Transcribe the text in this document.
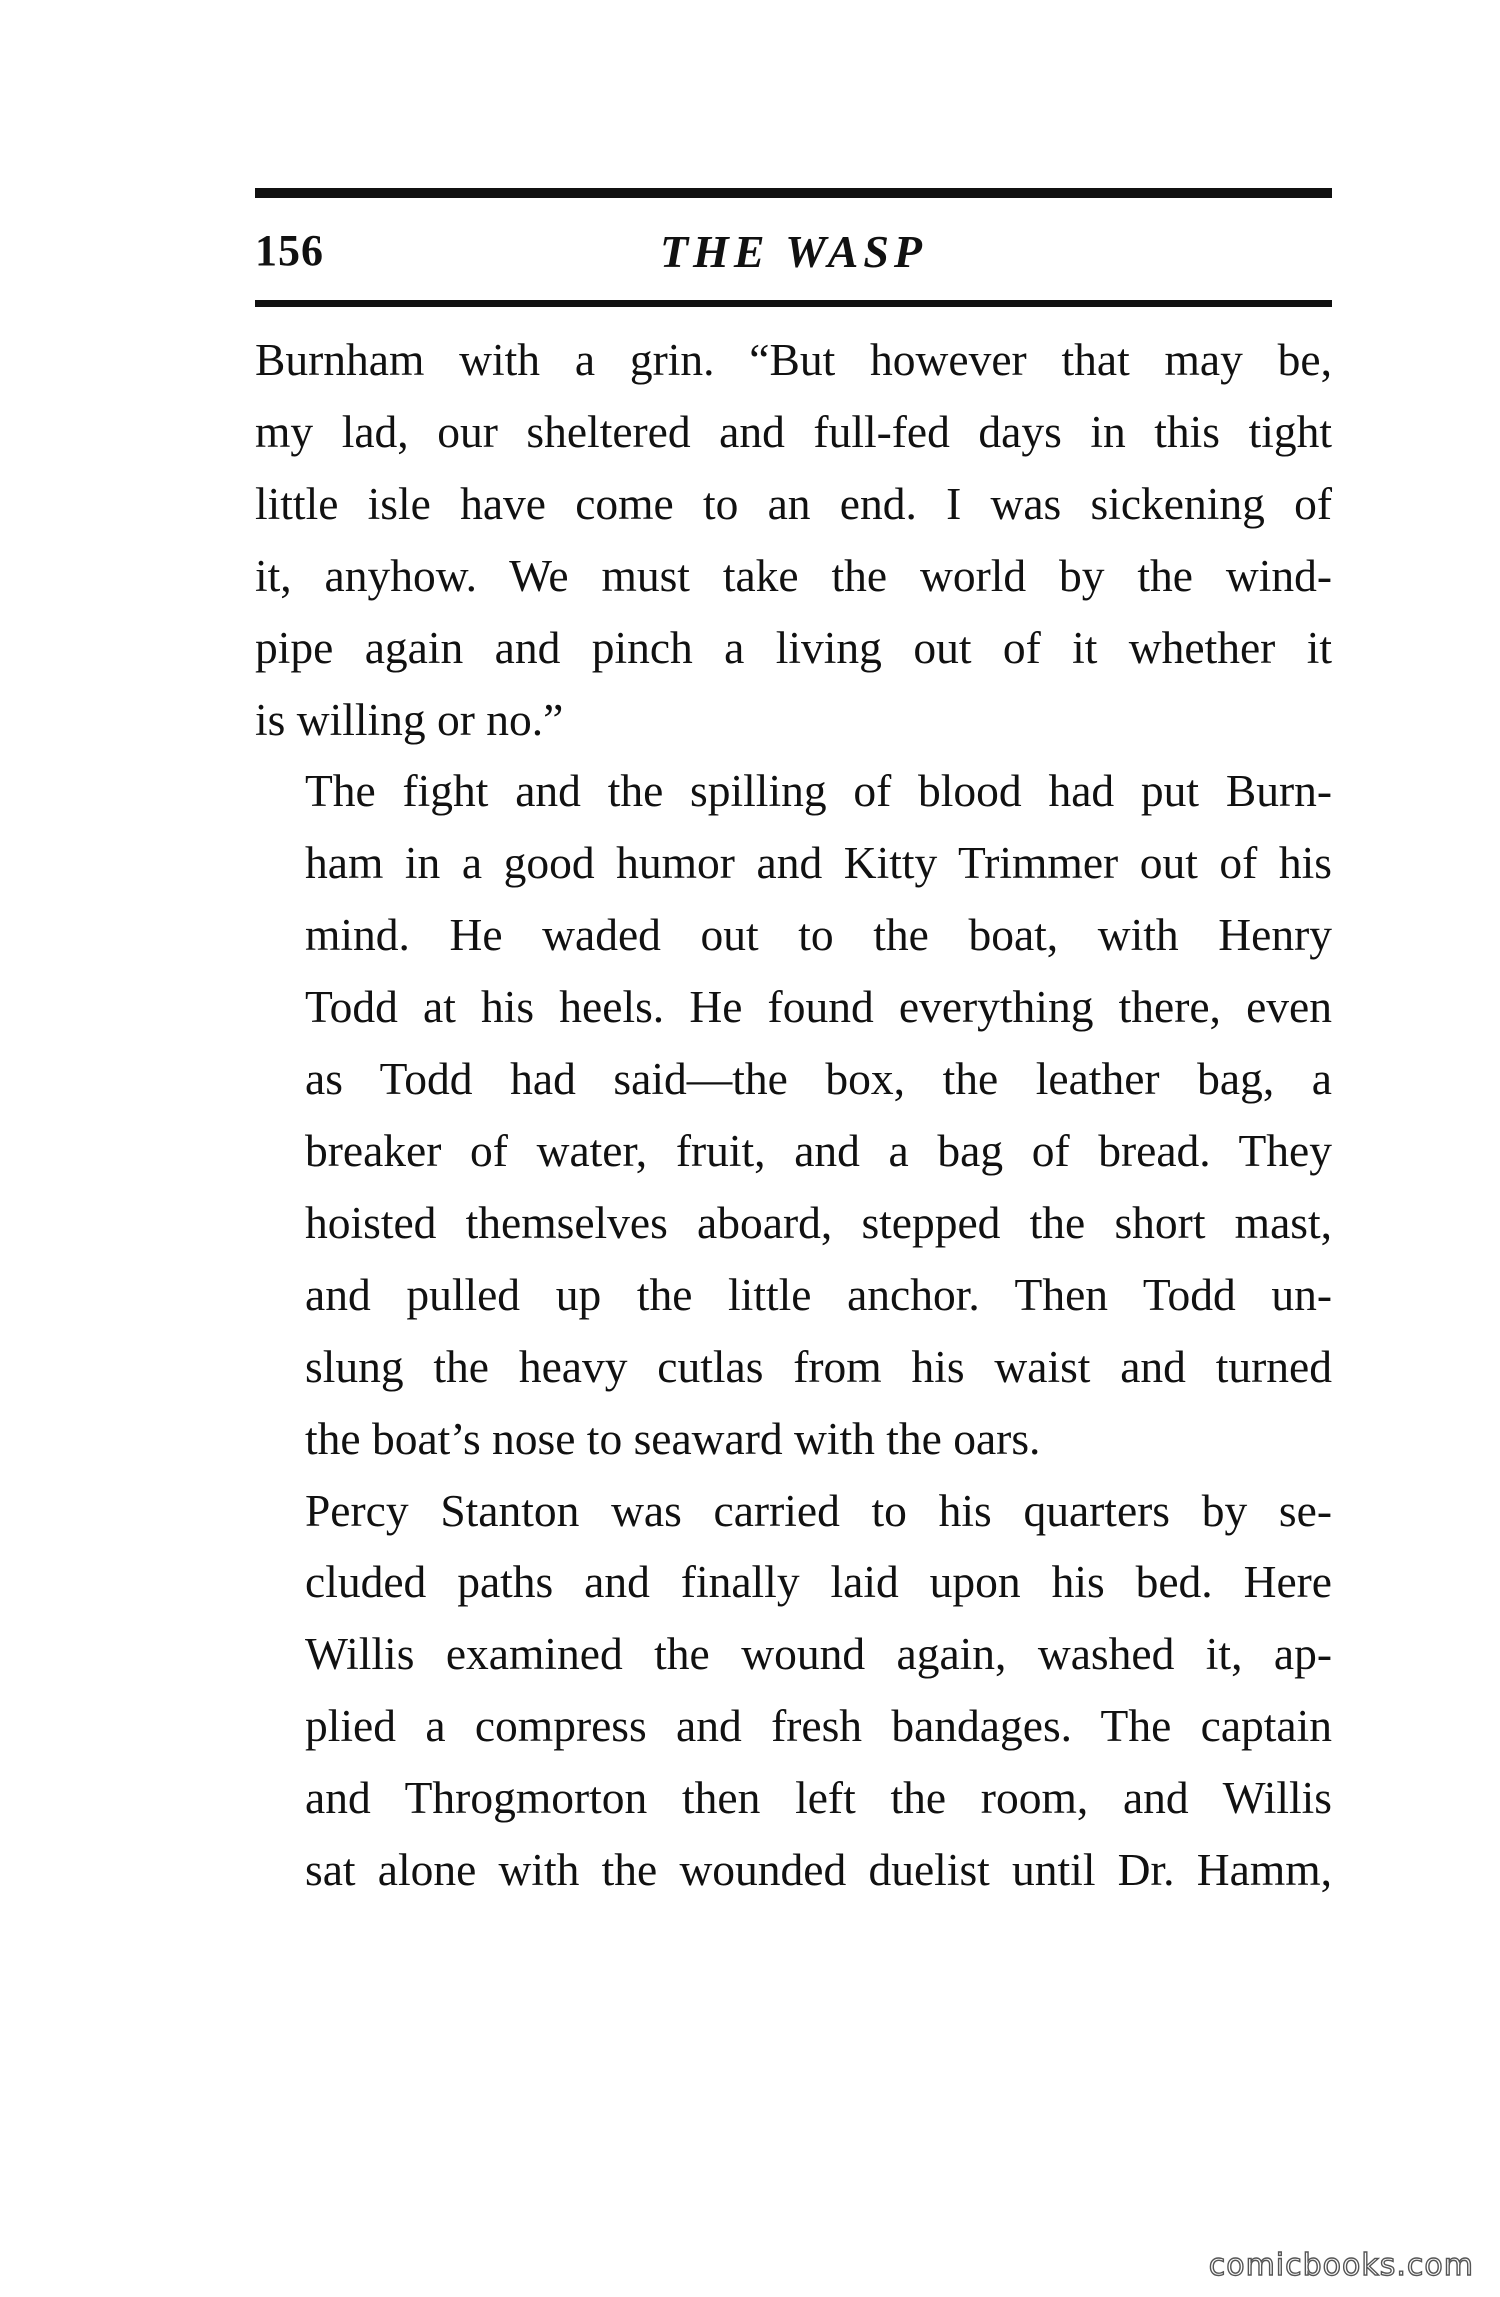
156	THE WASP

Burnham with a grin. “But however that may be,
my lad, our sheltered and full-fed days in this tight
little isle have come to an end. I was sickening of
it, anyhow. We must take the world by the wind-
pipe again and pinch a living out of it whether it
is willing or no.”

The fight and the spilling of blood had put Burn-
ham in a good humor and Kitty Trimmer out of his
mind. He waded out to the boat, with Henry
Todd at his heels. He found everything there, even
as Todd had said—the box, the leather bag, a
breaker of water, fruit, and a bag of bread. They
hoisted themselves aboard, stepped the short mast,
and pulled up the little anchor. Then Todd un-
slung the heavy cutlas from his waist and turned
the boat’s nose to seaward with the oars.

Percy Stanton was carried to his quarters by se-
cluded paths and finally laid upon his bed. Here
Willis examined the wound again, washed it, ap-
plied a compress and fresh bandages. The captain
and Throgmorton then left the room, and Willis
sat alone with the wounded duelist until Dr. Hamm,

comicbooks.com
